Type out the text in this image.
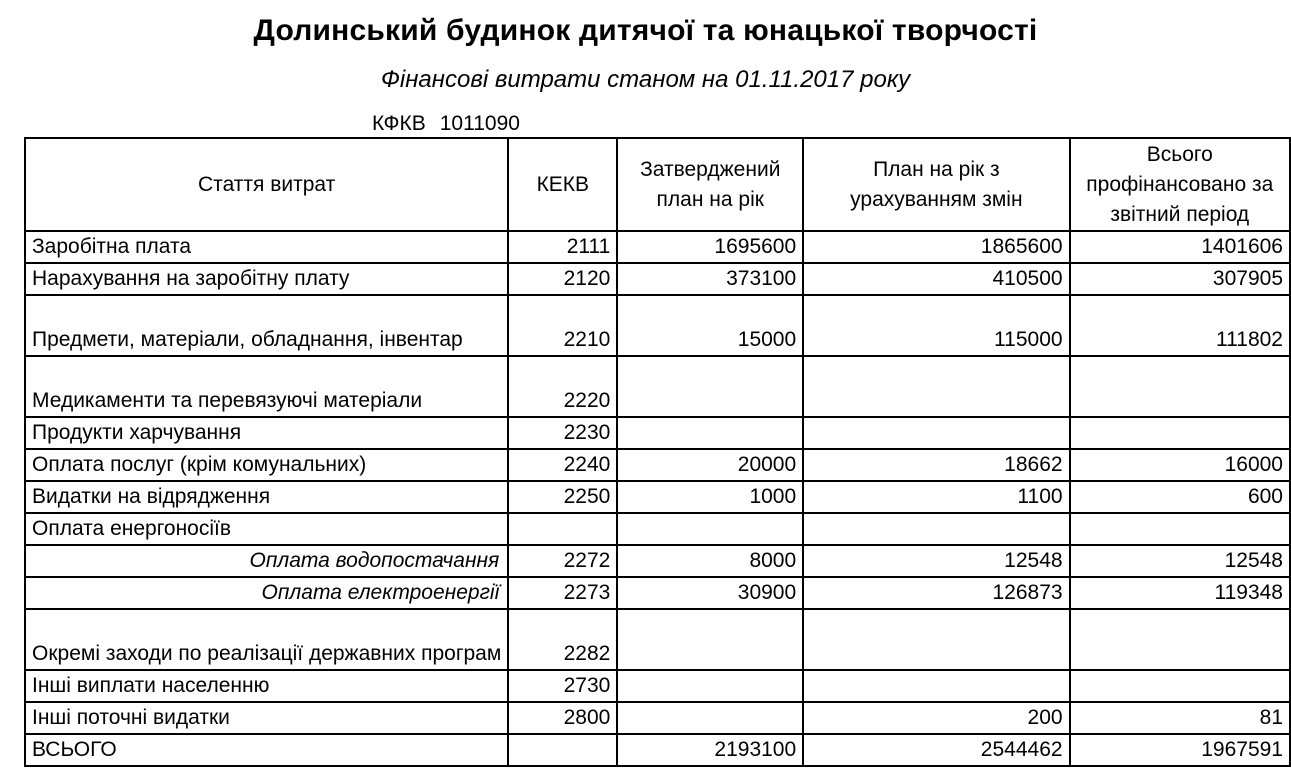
Долинський будинок дитячої та юнацької творчості
Фінансові витрати станом на 01.11.2017 року
КФКВ 1011090
Стаття витрат	КЕКВ	Затверджений план на рік	План на рік з урахуванням змін	Всього профінансовано за звітний період
Заробітна плата	2111	1695600	1865600	1401606
Нарахування на заробітну плату	2120	373100	410500	307905
Предмети, матеріали, обладнання, інвентар	2210	15000	115000	111802
Медикаменти та перевязуючі матеріали	2220			
Продукти харчування	2230			
Оплата послуг (крім комунальних)	2240	20000	18662	16000
Видатки на відрядження	2250	1000	1100	600
Оплата енергоносіїв				
Оплата водопостачання	2272	8000	12548	12548
Оплата електроенергії	2273	30900	126873	119348
Окремі заходи по реалізації державних програм	2282			
Інші виплати населенню	2730			
Інші поточні видатки	2800		200	81
ВСЬОГО		2193100	2544462	1967591
